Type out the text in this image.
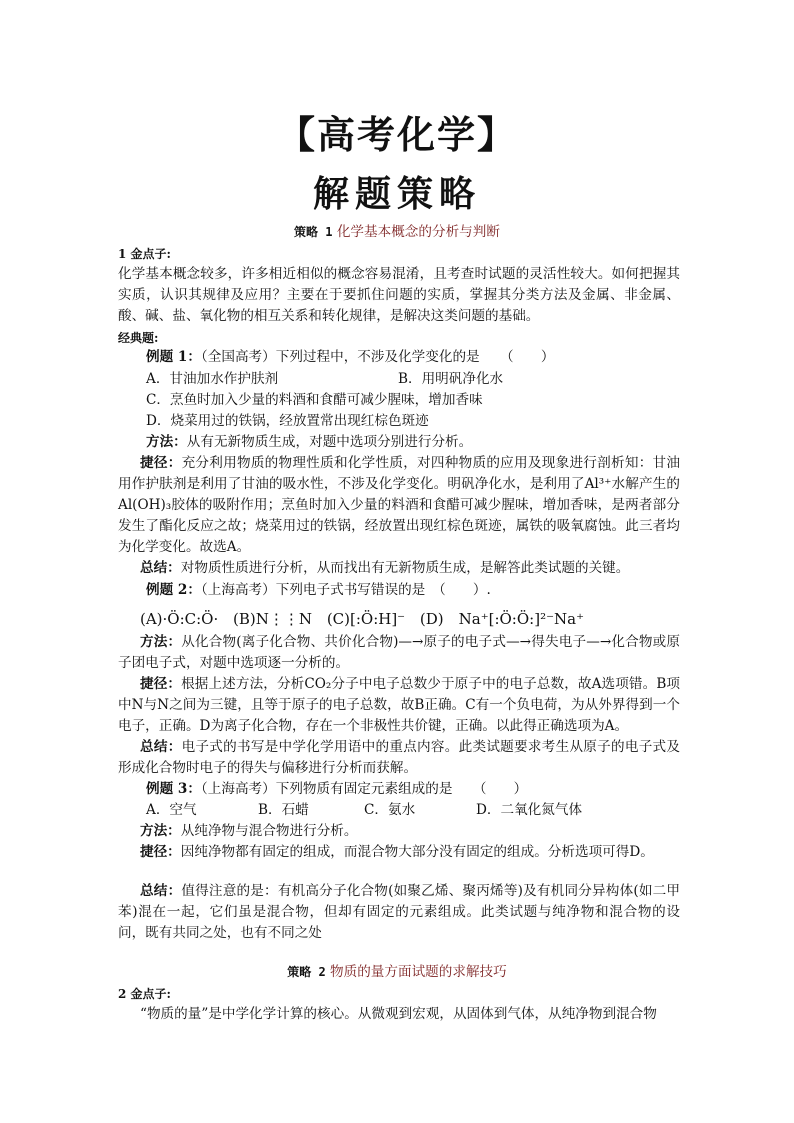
【高考化学】
解题策略
策略 1 化学基本概念的分析与判断
1 金点子:
化学基本概念较多，许多相近相似的概念容易混淆，且考查时试题的灵活性较大。如何把握其实质，认识其规律及应用？主要在于要抓住问题的实质，掌握其分类方法及金属、非金属、酸、碱、盐、氧化物的相互关系和转化规律，是解决这类问题的基础。
经典题:
例题 1：（全国高考）下列过程中，不涉及化学变化的是　　（　　）
A．甘油加水作护肤剂	B．用明矾净化水
C．烹鱼时加入少量的料酒和食醋可减少腥味，增加香味
D．烧菜用过的铁锅，经放置常出现红棕色斑迹
方法：从有无新物质生成，对题中选项分别进行分析。
捷径：充分利用物质的物理性质和化学性质，对四种物质的应用及现象进行剖析知：甘油用作护肤剂是利用了甘油的吸水性，不涉及化学变化。明矾净化水，是利用了Al³⁺水解产生的Al(OH)₃胶体的吸附作用；烹鱼时加入少量的料酒和食醋可减少腥味，增加香味，是两者部分发生了酯化反应之故；烧菜用过的铁锅，经放置出现红棕色斑迹，属铁的吸氧腐蚀。此三者均为化学变化。故选A。
总结：对物质性质进行分析，从而找出有无新物质生成，是解答此类试题的关键。
例题 2：（上海高考）下列电子式书写错误的是　（　　）.
(A)·Ö:C:Ö· (B)N⋮⋮N (C)[:Ö:H]⁻ (D)　Na⁺[:Ö:Ö:]²⁻Na⁺
方法：从化合物(离子化合物、共价化合物)—→原子的电子式—→得失电子—→化合物或原子团电子式，对题中选项逐一分析的。
捷径：根据上述方法，分析CO₂分子中电子总数少于原子中的电子总数，故A选项错。B项中N与N之间为三键，且等于原子的电子总数，故B正确。C有一个负电荷，为从外界得到一个电子，正确。D为离子化合物，存在一个非极性共价键，正确。以此得正确选项为A。
总结：电子式的书写是中学化学用语中的重点内容。此类试题要求考生从原子的电子式及形成化合物时电子的得失与偏移进行分析而获解。
例题 3：（上海高考）下列物质有固定元素组成的是　　（　　）
A．空气	B．石蜡	C．氨水	D．二氧化氮气体
方法：从纯净物与混合物进行分析。
捷径：因纯净物都有固定的组成，而混合物大部分没有固定的组成。分析选项可得D。
总结：值得注意的是：有机高分子化合物(如聚乙烯、聚丙烯等)及有机同分异构体(如二甲苯)混在一起，它们虽是混合物，但却有固定的元素组成。此类试题与纯净物和混合物的设问，既有共同之处，也有不同之处
策略 2 物质的量方面试题的求解技巧
2 金点子:
“物质的量”是中学化学计算的核心。从微观到宏观，从固体到气体，从纯净物到混合物
